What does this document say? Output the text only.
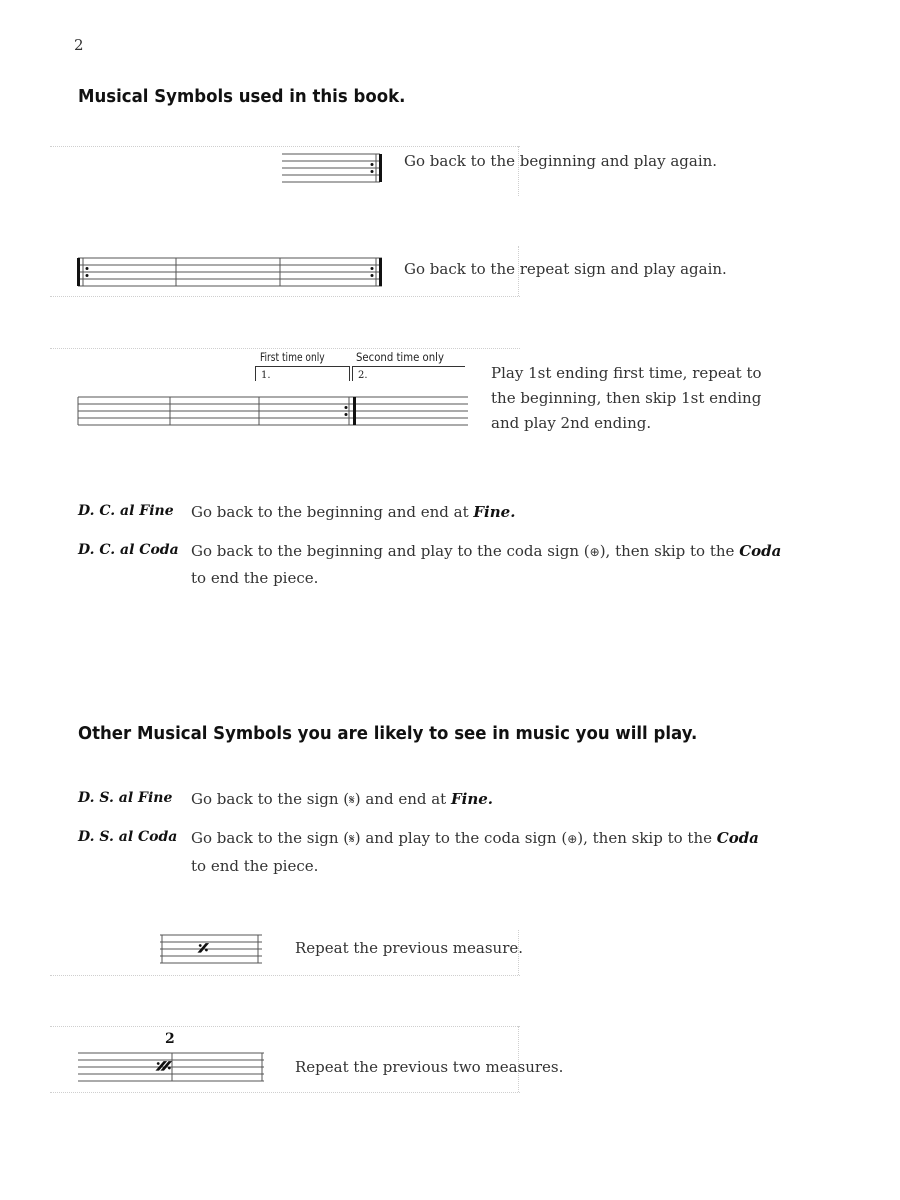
2
Musical Symbols used in this book.
Go back to the beginning and play again.
Go back to the repeat sign and play again.
First time only	Second time only
1.	2.	Play 1st ending first time, repeat to
the beginning, then skip 1st ending
and play 2nd ending.
D. C. al Fine Go back to the beginning and end at Fine.
D. C. al Coda Go back to the beginning and play to the coda sign (⊕), then skip to the Coda
to end the piece.
Other Musical Symbols you are likely to see in music you will play.
D. S. al Fine Go back to the sign (𝄋) and end at Fine.
D. S. al Coda Go back to the sign (𝄋) and play to the coda sign (⊕), then skip to the Coda
to end the piece.
𝄎	Repeat the previous measure.
2
𝄏	Repeat the previous two measures.
